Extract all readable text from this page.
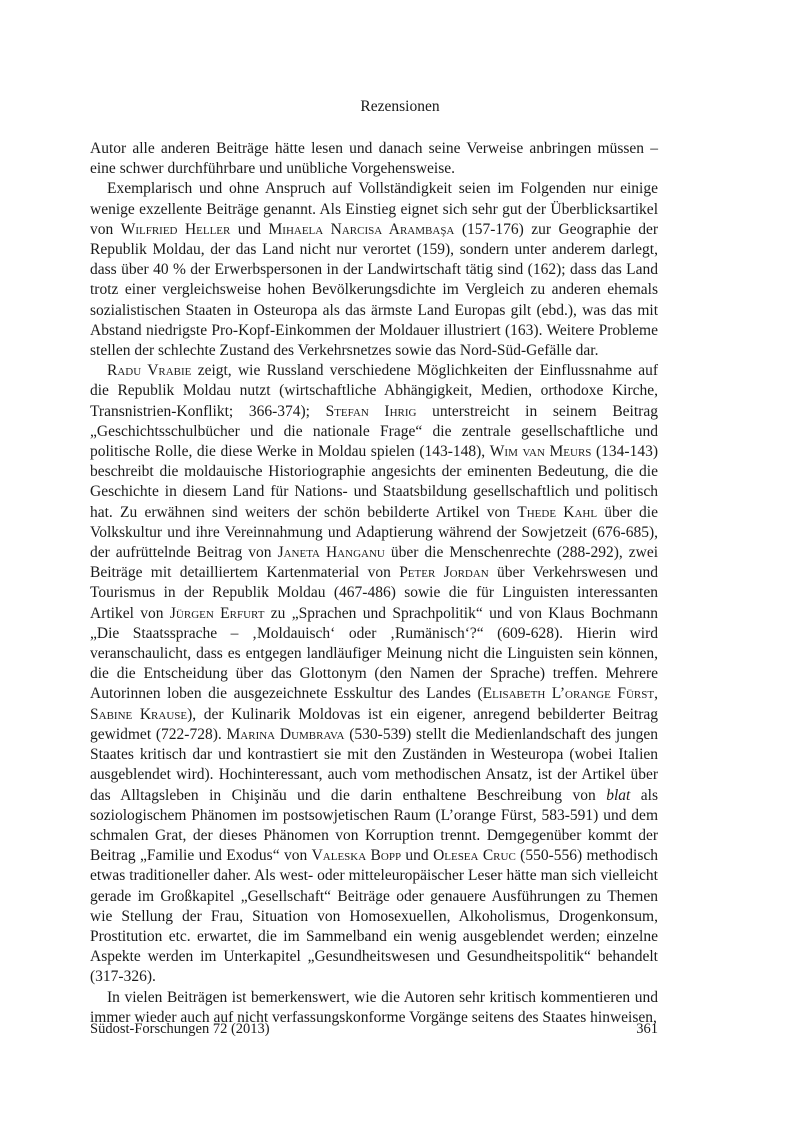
Rezensionen

Autor alle anderen Beiträge hätte lesen und danach seine Verweise anbringen müssen – eine schwer durchführbare und unübliche Vorgehensweise.

Exemplarisch und ohne Anspruch auf Vollständigkeit seien im Folgenden nur einige wenige exzellente Beiträge genannt. Als Einstieg eignet sich sehr gut der Überblicksartikel von Wilfried Heller und Mihaela Narcisa Arambaşa (157-176) zur Geographie der Republik Moldau, der das Land nicht nur verortet (159), sondern unter anderem darlegt, dass über 40 % der Erwerbspersonen in der Landwirtschaft tätig sind (162); dass das Land trotz einer vergleichsweise hohen Bevölkerungsdichte im Vergleich zu anderen ehemals sozialistischen Staaten in Osteuropa als das ärmste Land Europas gilt (ebd.), was das mit Abstand niedrigste Pro-Kopf-Einkommen der Moldauer illustriert (163). Weitere Probleme stellen der schlechte Zustand des Verkehrsnetzes sowie das Nord-Süd-Gefälle dar.

Radu Vrabie zeigt, wie Russland verschiedene Möglichkeiten der Einflussnahme auf die Republik Moldau nutzt (wirtschaftliche Abhängigkeit, Medien, orthodoxe Kirche, Transnistrien-Konflikt; 366-374); Stefan Ihrig unterstreicht in seinem Beitrag „Geschichtsschulbücher und die nationale Frage“ die zentrale gesellschaftliche und politische Rolle, die diese Werke in Moldau spielen (143-148), Wim van Meurs (134-143) beschreibt die moldauische Historiographie angesichts der eminenten Bedeutung, die die Geschichte in diesem Land für Nations- und Staatsbildung gesellschaftlich und politisch hat. Zu erwähnen sind weiters der schön bebilderte Artikel von Thede Kahl über die Volkskultur und ihre Vereinnahmung und Adaptierung während der Sowjetzeit (676-685), der aufrüttelnde Beitrag von Janeta Hanganu über die Menschenrechte (288-292), zwei Beiträge mit detailliertem Kartenmaterial von Peter Jordan über Verkehrswesen und Tourismus in der Republik Moldau (467-486) sowie die für Linguisten interessanten Artikel von Jürgen Erfurt zu „Sprachen und Sprachpolitik“ und von Klaus Bochmann „Die Staatssprache – ‚Moldauisch‘ oder ‚Rumänisch‘?“ (609-628). Hierin wird veranschaulicht, dass es entgegen landläufiger Meinung nicht die Linguisten sein können, die die Entscheidung über das Glottonym (den Namen der Sprache) treffen. Mehrere Autorinnen loben die ausgezeichnete Esskultur des Landes (Elisabeth L’orange Fürst, Sabine Krause), der Kulinarik Moldovas ist ein eigener, anregend bebilderter Beitrag gewidmet (722-728). Marina Dumbrava (530-539) stellt die Medienlandschaft des jungen Staates kritisch dar und kontrastiert sie mit den Zuständen in Westeuropa (wobei Italien ausgeblendet wird). Hochinteressant, auch vom methodischen Ansatz, ist der Artikel über das Alltagsleben in Chişinău und die darin enthaltene Beschreibung von blat als soziologischem Phänomen im postsowjetischen Raum (L’orange Fürst, 583-591) und dem schmalen Grat, der dieses Phänomen von Korruption trennt. Demgegenüber kommt der Beitrag „Familie und Exodus“ von Valeska Bopp und Olesea Cruc (550-556) methodisch etwas traditioneller daher. Als west- oder mitteleuropäischer Leser hätte man sich vielleicht gerade im Großkapitel „Gesellschaft“ Beiträge oder genauere Ausführungen zu Themen wie Stellung der Frau, Situation von Homosexuellen, Alkoholismus, Drogenkonsum, Prostitution etc. erwartet, die im Sammelband ein wenig ausgeblendet werden; einzelne Aspekte werden im Unterkapitel „Gesundheitswesen und Gesundheitspolitik“ behandelt (317-326).

In vielen Beiträgen ist bemerkenswert, wie die Autoren sehr kritisch kommentieren und immer wieder auch auf nicht verfassungskonforme Vorgänge seitens des Staates hinweisen,

Südost-Forschungen 72 (2013)	361
